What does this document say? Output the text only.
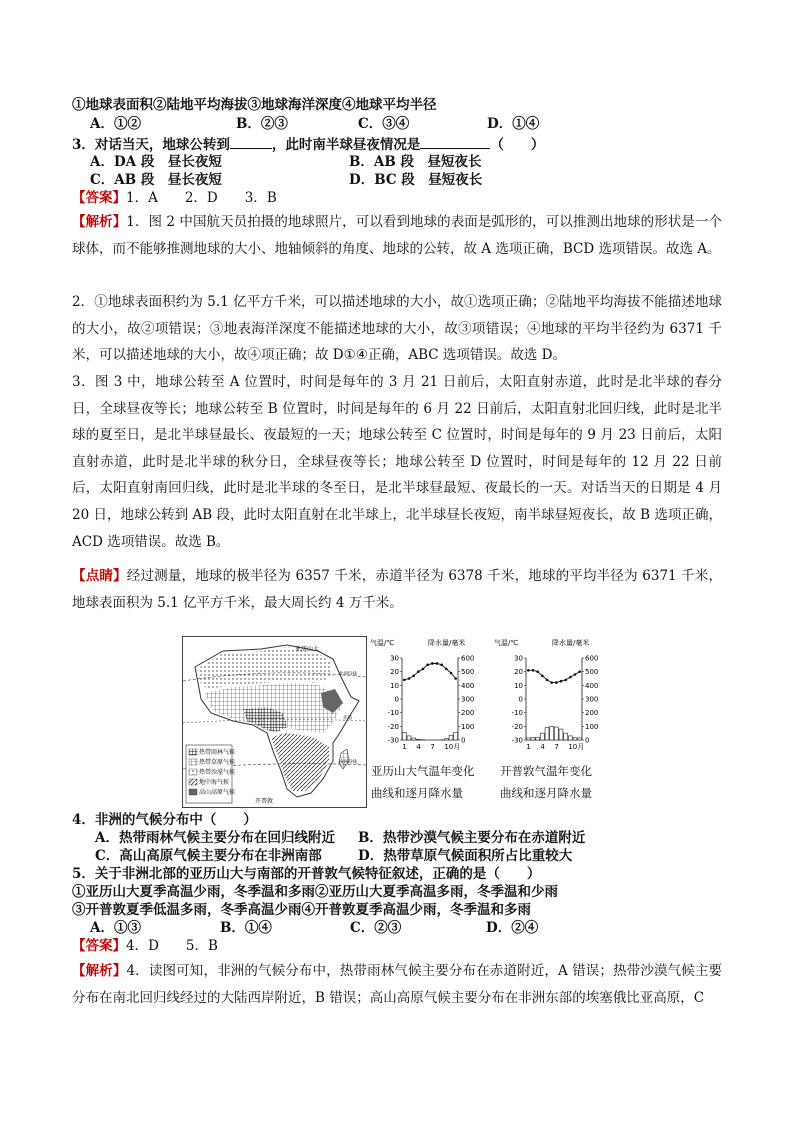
①地球表面积②陆地平均海拔③地球海洋深度④地球平均半径
A．①②	B．②③	C．③④	D．①④
3．对话当天，地球公转到	，此时南半球昼夜情况是	（　　）
A．DA 段　昼长夜短	B．AB 段　昼短夜长
C．AB 段　昼长夜短	D．BC 段　昼短夜长
【答案】1．A　　2．D　　3．B
【解析】1．图 2 中国航天员拍摄的地球照片，可以看到地球的表面是弧形的，可以推测出地球的形状是一个球体，而不能够推测地球的大小、地轴倾斜的角度、地球的公转，故 A 选项正确，BCD 选项错误。故选 A。
2．①地球表面积约为 5.1 亿平方千米，可以描述地球的大小，故①选项正确；②陆地平均海拔不能描述地球的大小，故②项错误；③地表海洋深度不能描述地球的大小，故③项错误；④地球的平均半径约为 6371 千米，可以描述地球的大小，故④项正确；故 D①④正确，ABC 选项错误。故选 D。
3．图 3 中，地球公转至 A 位置时，时间是每年的 3 月 21 日前后，太阳直射赤道，此时是北半球的春分日，全球昼夜等长；地球公转至 B 位置时，时间是每年的 6 月 22 日前后，太阳直射北回归线，此时是北半球的夏至日，是北半球昼最长、夜最短的一天；地球公转至 C 位置时，时间是每年的 9 月 23 日前后，太阳直射赤道，此时是北半球的秋分日，全球昼夜等长；地球公转至 D 位置时，时间是每年的 12 月 22 日前后，太阳直射南回归线，此时是北半球的冬至日，是北半球昼最短、夜最长的一天。对话当天的日期是 4 月 20 日，地球公转到 AB 段，此时太阳直射在北半球上，北半球昼长夜短，南半球昼短夜长，故 B 选项正确，ACD 选项错误。故选 B。
【点睛】经过测量，地球的极半径为 6357 千米，赤道半径为 6378 千米，地球的平均半径为 6371 千米，地球表面积为 5.1 亿平方千米，最大周长约 4 万千米。
热带雨林气候
热带草原气候
热带沙漠气候
地中海气候
高山高原气候
亚历山大
北回归线
赤道
南回归线
开普敦
气温/℃	降水量/毫米
30
20
10
0
-10
-20
-30
600
500
400
300
200
100
0
1 4 7 10月
气温/℃	降水量/毫米
30
20
10
0
-10
-20
-30
600
500
400
300
200
100
0
1 4 7 10月
亚历山大气温年变化
曲线和逐月降水量
开普敦气温年变化
曲线和逐月降水量
4．非洲的气候分布中（　　）
A．热带雨林气候主要分布在回归线附近 B．热带沙漠气候主要分布在赤道附近
C．高山高原气候主要分布在非洲南部	D．热带草原气候面积所占比重较大
5．关于非洲北部的亚历山大与南部的开普敦气候特征叙述，正确的是（　　）
①亚历山大夏季高温少雨，冬季温和多雨②亚历山大夏季高温多雨，冬季温和少雨
③开普敦夏季低温多雨，冬季高温少雨④开普敦夏季高温少雨，冬季温和多雨
A．①③	B．①④	C．②③	D．②④
【答案】4．D　　5．B
【解析】4．读图可知，非洲的气候分布中，热带雨林气候主要分布在赤道附近，A 错误；热带沙漠气候主要分布在南北回归线经过的大陆西岸附近，B 错误；高山高原气候主要分布在非洲东部的埃塞俄比亚高原，C
